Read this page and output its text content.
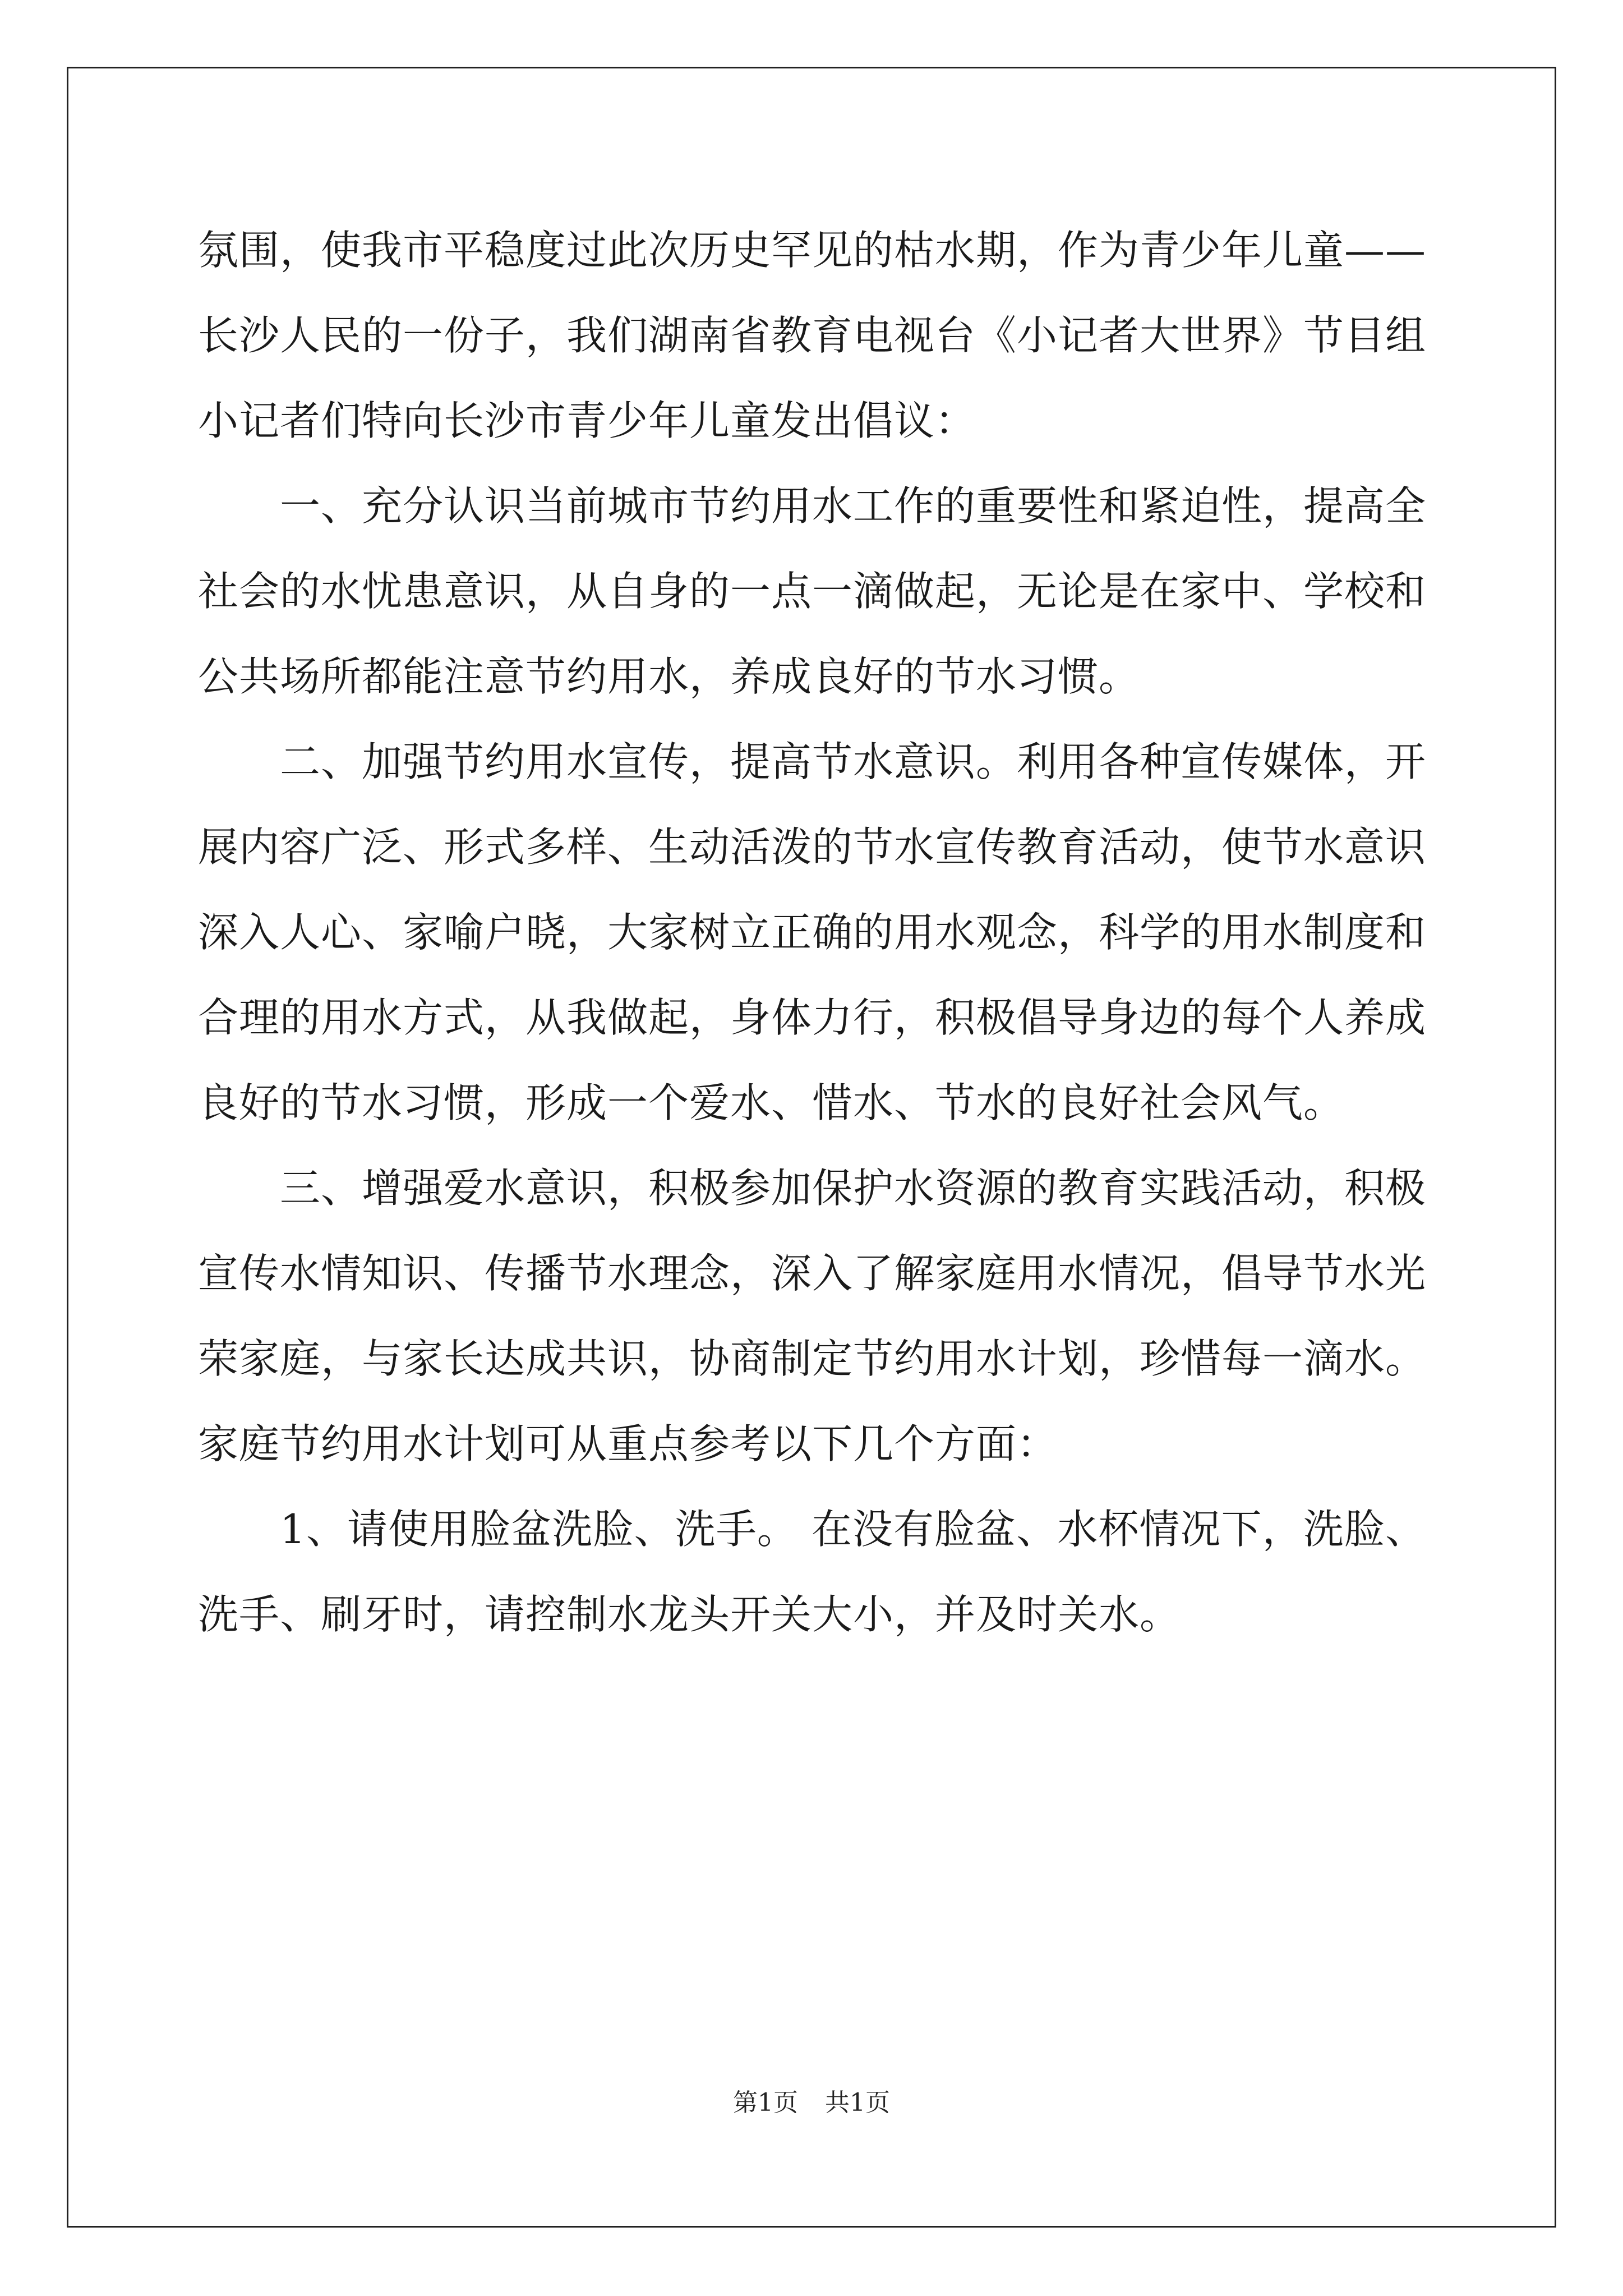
氛围，使我市平稳度过此次历史罕见的枯水期，作为青少年儿童——长沙人民的一份子，我们湖南省教育电视台《小记者大世界》节目组小记者们特向长沙市青少年儿童发出倡议：

一、充分认识当前城市节约用水工作的重要性和紧迫性，提高全社会的水忧患意识，从自身的一点一滴做起，无论是在家中、学校和公共场所都能注意节约用水，养成良好的节水习惯。

二、加强节约用水宣传，提高节水意识。利用各种宣传媒体，开展内容广泛、形式多样、生动活泼的节水宣传教育活动，使节水意识深入人心、家喻户晓，大家树立正确的用水观念，科学的用水制度和合理的用水方式，从我做起，身体力行，积极倡导身边的每个人养成良好的节水习惯，形成一个爱水、惜水、节水的良好社会风气。

三、增强爱水意识，积极参加保护水资源的教育实践活动，积极宣传水情知识、传播节水理念，深入了解家庭用水情况，倡导节水光荣家庭，与家长达成共识，协商制定节约用水计划，珍惜每一滴水。

家庭节约用水计划可从重点参考以下几个方面：

1、请使用脸盆洗脸、洗手。 在没有脸盆、水杯情况下，洗脸、洗手、刷牙时，请控制水龙头开关大小，并及时关水。

第1页 共1页
